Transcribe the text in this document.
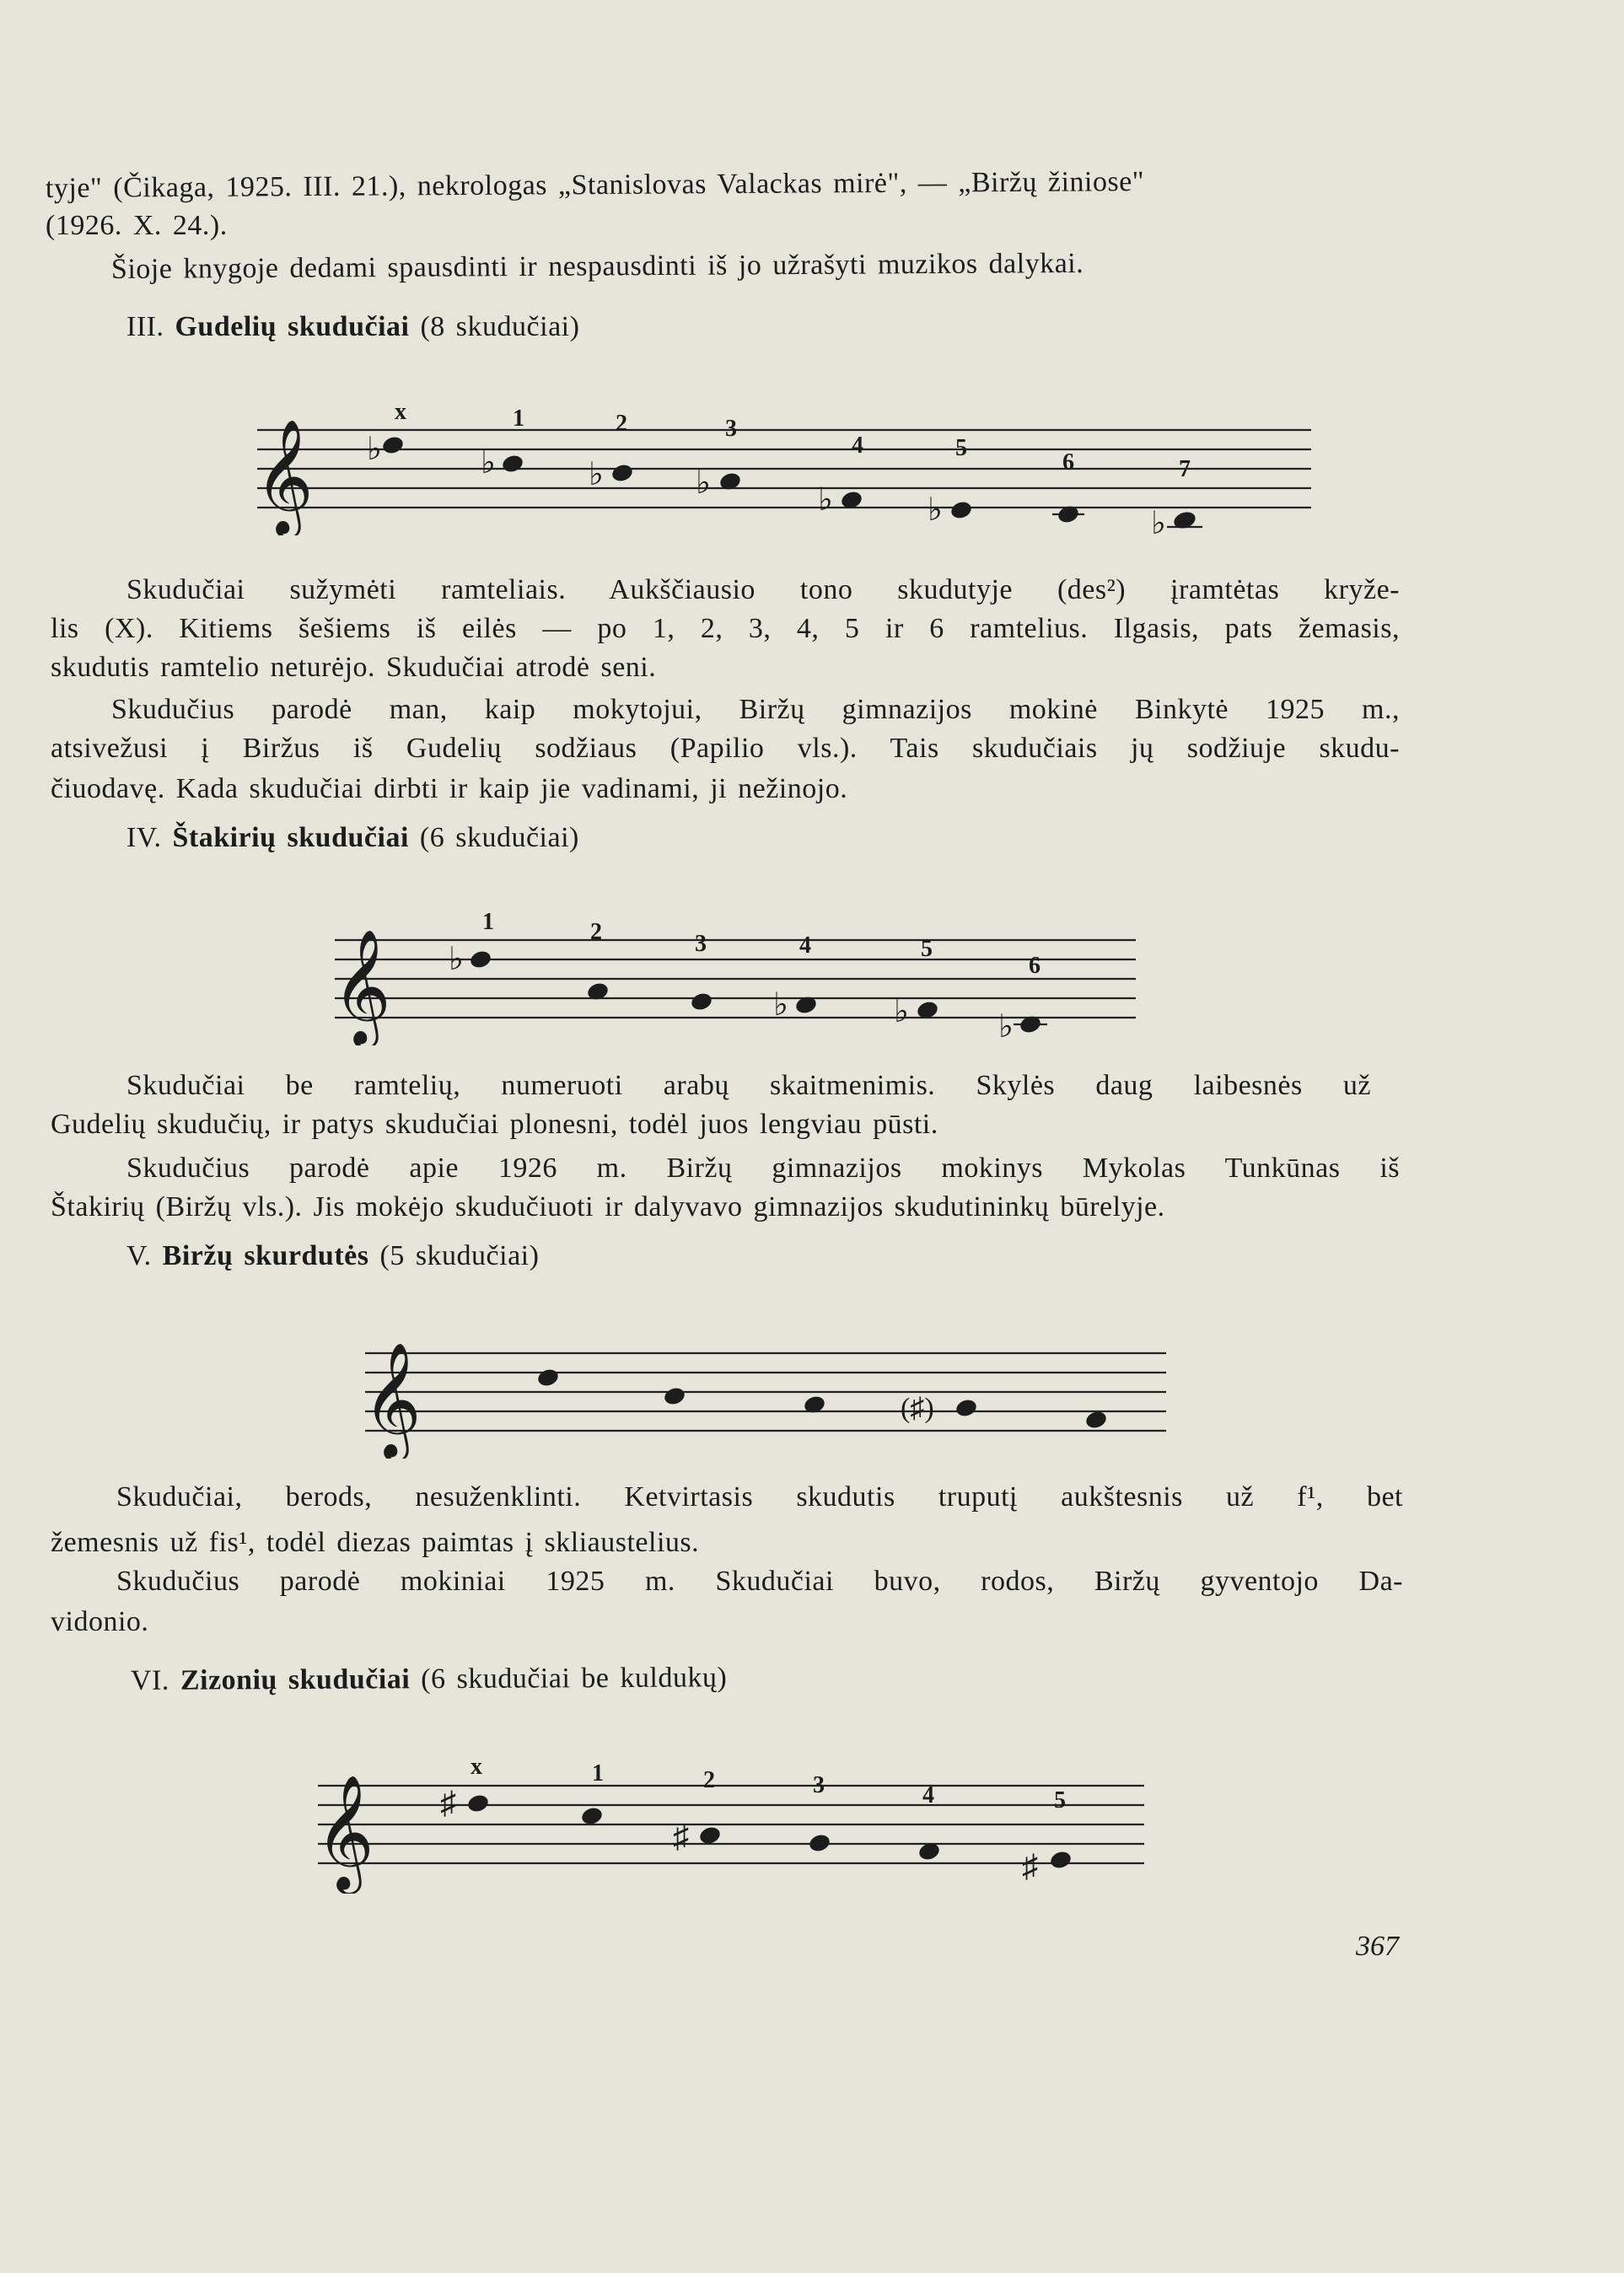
tyje" (Čikaga, 1925. III. 21.), nekrologas „Stanislovas Valackas mirė", — „Biržų žiniose"
(1926. X. 24.).
Šioje knygoje dedami spausdinti ir nespausdinti iš jo užrašyti muzikos dalykai.
III. Gudelių skudučiai (8 skudučiai)
𝄞 ♭	♭	♭	♭	♭	♭	♭
x	1	2	3
4	5
6	7
Skudučiai sužymėti ramteliais. Aukščiausio tono skudutyje (des²) įramtėtas kryže-
lis (X). Kitiems šešiems iš eilės — po 1, 2, 3, 4, 5 ir 6 ramtelius. Ilgasis, pats žemasis,
skudutis ramtelio neturėjo. Skudučiai atrodė seni.
Skudučius parodė man, kaip mokytojui, Biržų gimnazijos mokinė Binkytė 1925 m.,
atsivežusi į Biržus iš Gudelių sodžiaus (Papilio vls.). Tais skudučiais jų sodžiuje skudu-
čiuodavę. Kada skudučiai dirbti ir kaip jie vadinami, ji nežinojo.
IV. Štakirių skudučiai (6 skudučiai)
𝄞 ♭
♭	♭	♭
1	2	3	4	5
6
Skudučiai be ramtelių, numeruoti arabų skaitmenimis. Skylės daug laibesnės už
Gudelių skudučių, ir patys skudučiai plonesni, todėl juos lengviau pūsti.
Skudučius parodė apie 1926 m. Biržų gimnazijos mokinys Mykolas Tunkūnas iš
Štakirių (Biržų vls.). Jis mokėjo skudučiuoti ir dalyvavo gimnazijos skudutininkų būrelyje.
V. Biržų skurdutės (5 skudučiai)
𝄞	(♯)
Skudučiai, berods, nesuženklinti. Ketvirtasis skudutis truputį aukštesnis už f¹, bet
žemesnis už fis¹, todėl diezas paimtas į skliaustelius.
Skudučius parodė mokiniai 1925 m. Skudučiai buvo, rodos, Biržų gyventojo Da-
vidonio.
VI. Zizonių skudučiai (6 skudučiai be kuldukų)
𝄞 ♯
♯
♯
x	1	2	3	4	5
367
